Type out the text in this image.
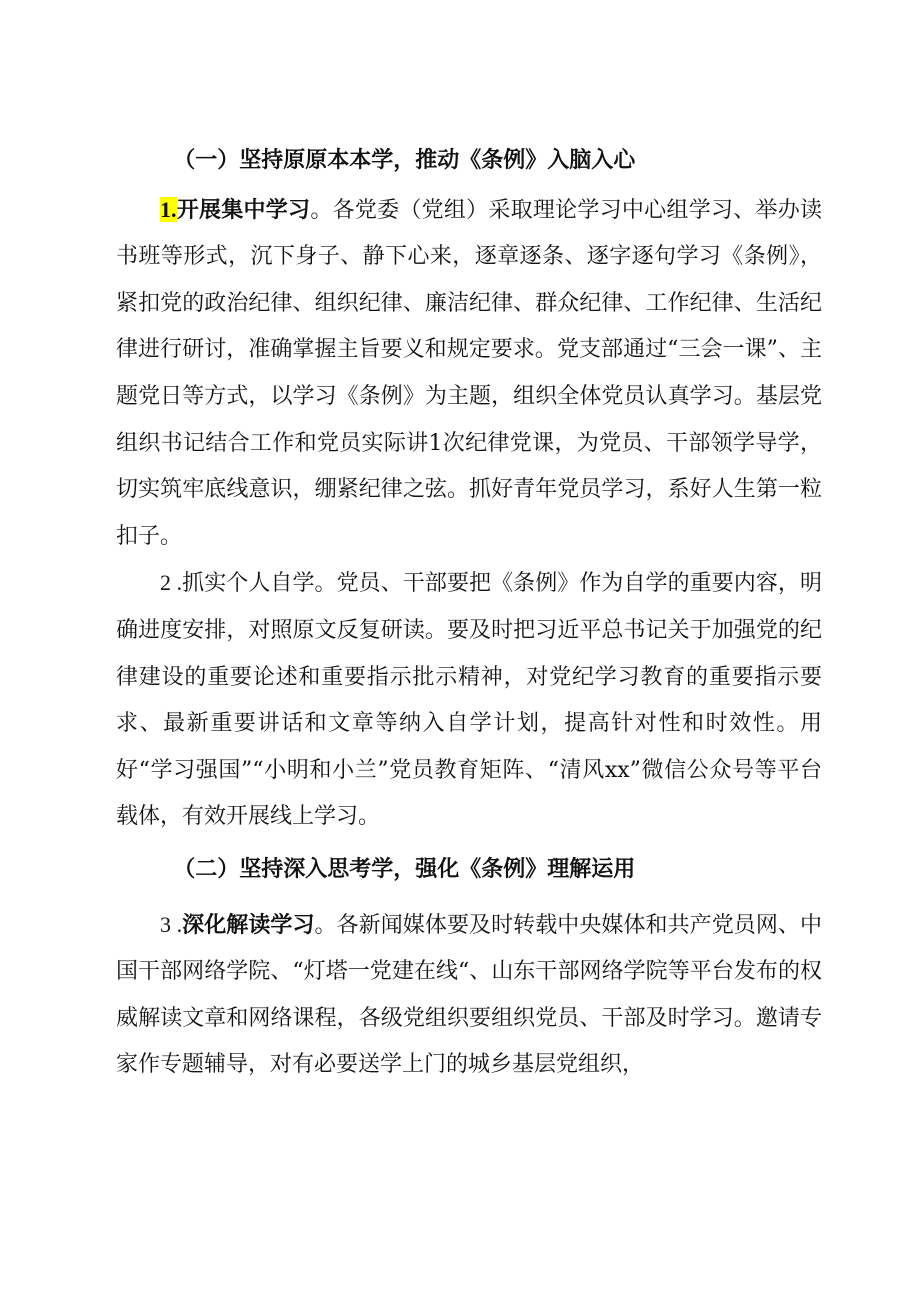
（一）坚持原原本本学，推动《条例》入脑入心

1.开展集中学习。各党委（党组）采取理论学习中心组学习、举办读书班等形式，沉下身子、静下心来，逐章逐条、逐字逐句学习《条例》，紧扣党的政治纪律、组织纪律、廉洁纪律、群众纪律、工作纪律、生活纪律进行研讨，准确掌握主旨要义和规定要求。党支部通过“三会一课”、主题党日等方式，以学习《条例》为主题，组织全体党员认真学习。基层党组织书记结合工作和党员实际讲1次纪律党课，为党员、干部领学导学，切实筑牢底线意识，绷紧纪律之弦。抓好青年党员学习，系好人生第一粒扣子。

2 .抓实个人自学。党员、干部要把《条例》作为自学的重要内容，明确进度安排，对照原文反复研读。要及时把习近平总书记关于加强党的纪律建设的重要论述和重要指示批示精神，对党纪学习教育的重要指示要求、最新重要讲话和文章等纳入自学计划，提高针对性和时效性。用好“学习强国”“小明和小兰”党员教育矩阵、“清风xx”微信公众号等平台载体，有效开展线上学习。

（二）坚持深入思考学，强化《条例》理解运用

3 .深化解读学习。各新闻媒体要及时转载中央媒体和共产党员网、中国干部网络学院、“灯塔一党建在线“、山东干部网络学院等平台发布的权威解读文章和网络课程，各级党组织要组织党员、干部及时学习。邀请专家作专题辅导，对有必要送学上门的城乡基层党组织，
